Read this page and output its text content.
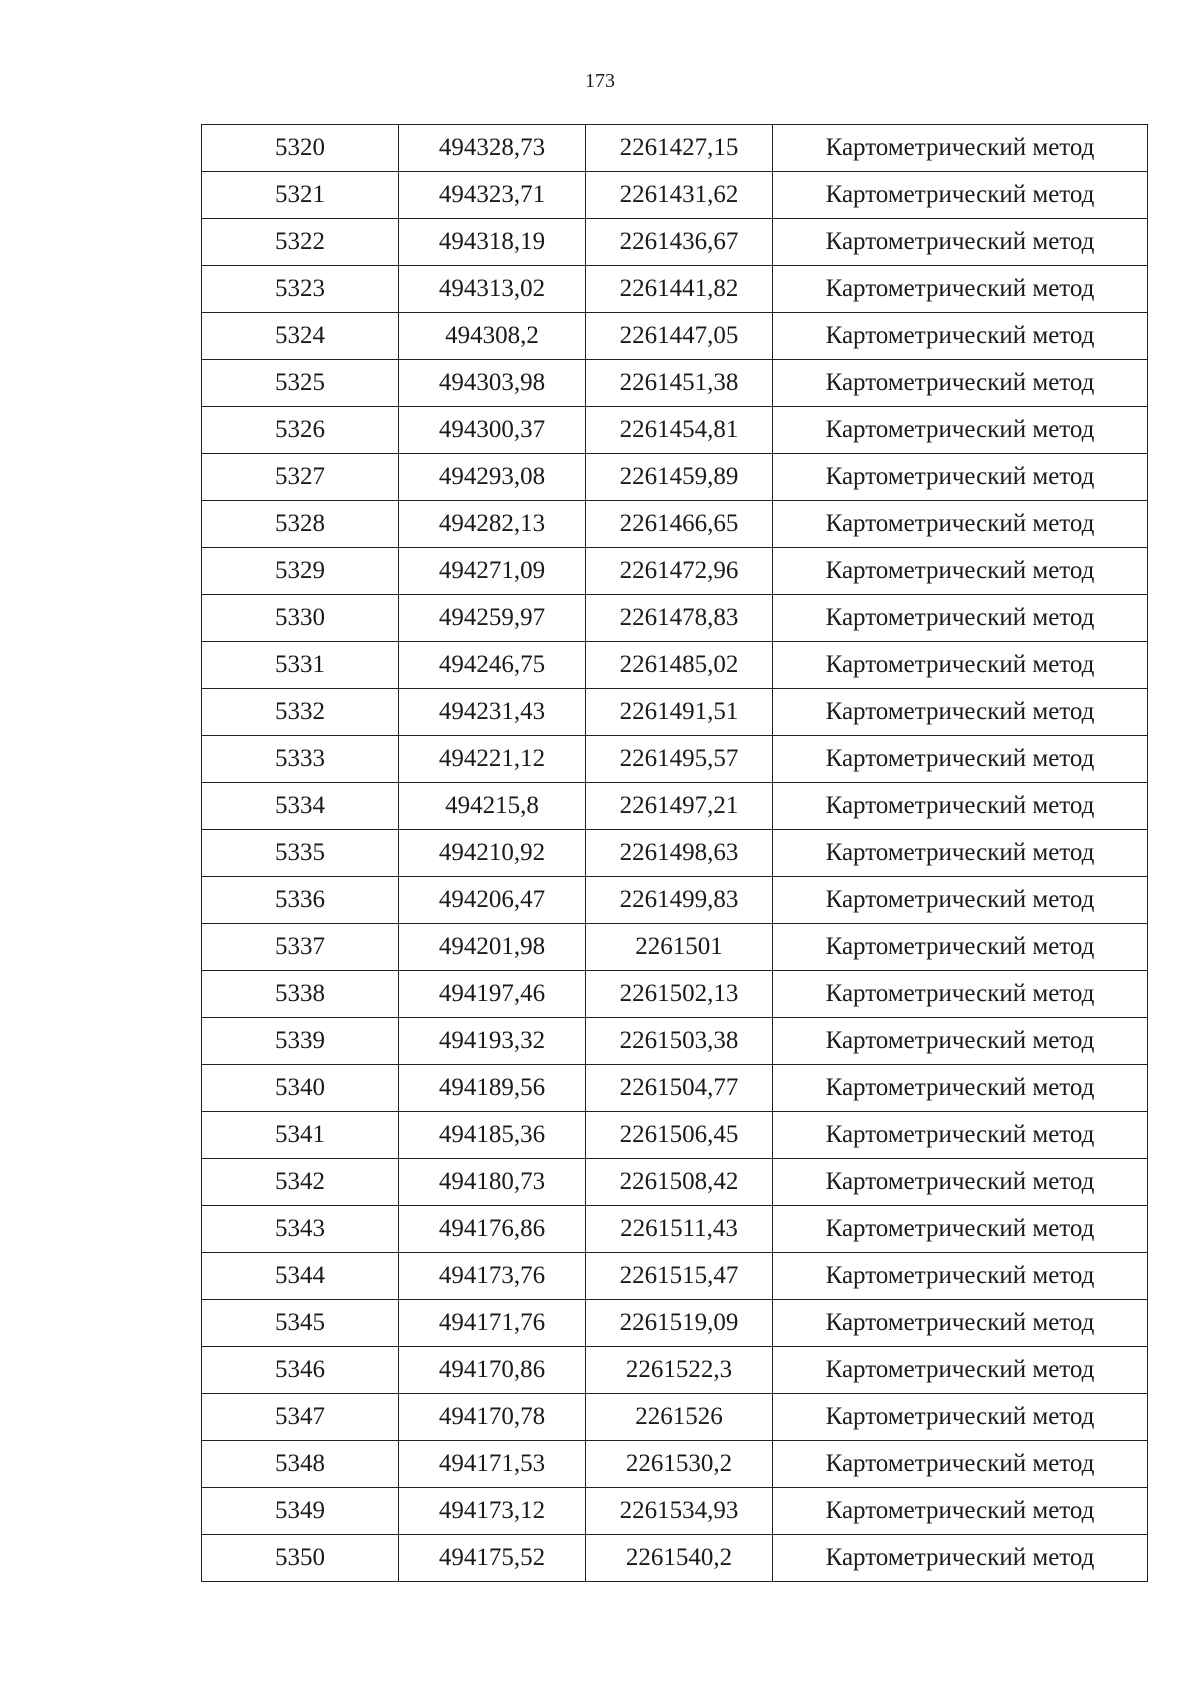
173
5320	494328,73	2261427,15	Картометрический метод
5321	494323,71	2261431,62	Картометрический метод
5322	494318,19	2261436,67	Картометрический метод
5323	494313,02	2261441,82	Картометрический метод
5324	494308,2	2261447,05	Картометрический метод
5325	494303,98	2261451,38	Картометрический метод
5326	494300,37	2261454,81	Картометрический метод
5327	494293,08	2261459,89	Картометрический метод
5328	494282,13	2261466,65	Картометрический метод
5329	494271,09	2261472,96	Картометрический метод
5330	494259,97	2261478,83	Картометрический метод
5331	494246,75	2261485,02	Картометрический метод
5332	494231,43	2261491,51	Картометрический метод
5333	494221,12	2261495,57	Картометрический метод
5334	494215,8	2261497,21	Картометрический метод
5335	494210,92	2261498,63	Картометрический метод
5336	494206,47	2261499,83	Картометрический метод
5337	494201,98	2261501	Картометрический метод
5338	494197,46	2261502,13	Картометрический метод
5339	494193,32	2261503,38	Картометрический метод
5340	494189,56	2261504,77	Картометрический метод
5341	494185,36	2261506,45	Картометрический метод
5342	494180,73	2261508,42	Картометрический метод
5343	494176,86	2261511,43	Картометрический метод
5344	494173,76	2261515,47	Картометрический метод
5345	494171,76	2261519,09	Картометрический метод
5346	494170,86	2261522,3	Картометрический метод
5347	494170,78	2261526	Картометрический метод
5348	494171,53	2261530,2	Картометрический метод
5349	494173,12	2261534,93	Картометрический метод
5350	494175,52	2261540,2	Картометрический метод
